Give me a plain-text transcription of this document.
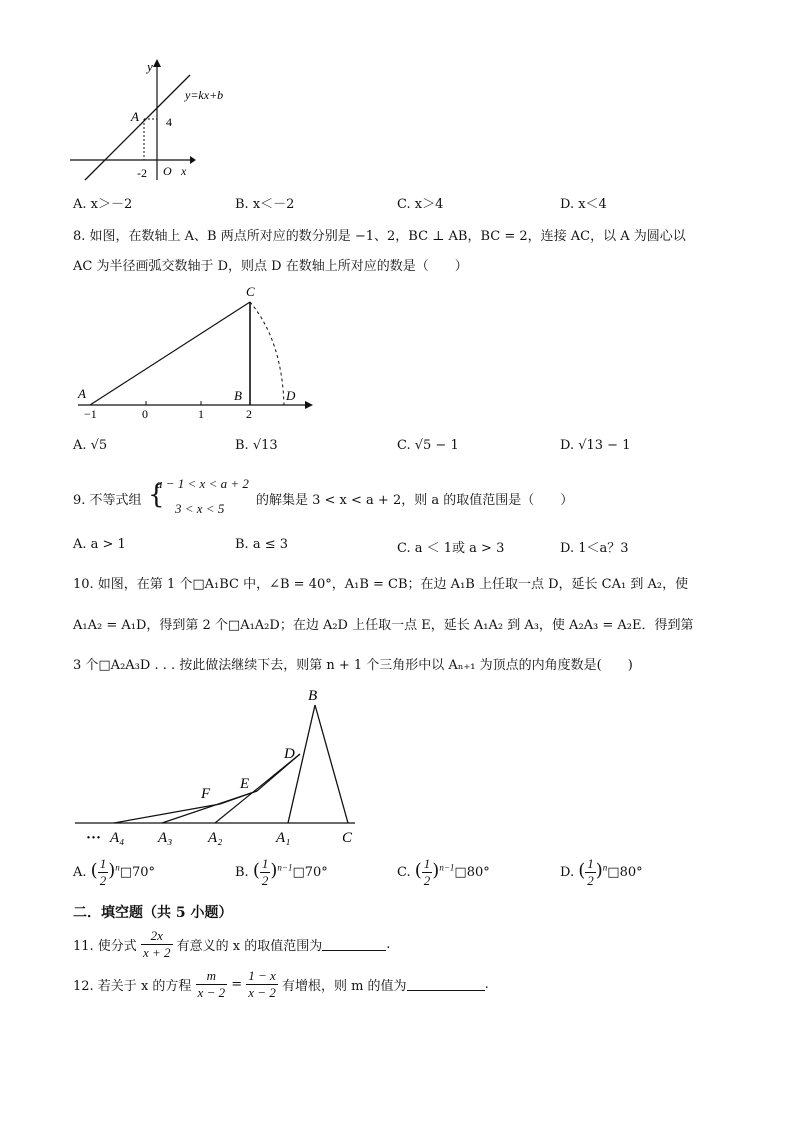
y
y=kx+b
A 4
-2 O x
A. x＞－2	B. x＜－2	C. x＞4	D. x＜4
8. 如图，在数轴上 A、B 两点所对应的数分别是 −1、2，BC ⊥ AB，BC = 2，连接 AC，以 A 为圆心以
AC 为半径画弧交数轴于 D，则点 D 在数轴上所对应的数是（　　）
C
A	B	D
−1	0	1	2
A. √5	B. √13	C. √5 − 1	D. √13 − 1
9. 不等式组 {
a − 1 < x < a + 2
3 < x < 5
的解集是 3 < x < a + 2，则 a 的取值范围是（　　）
A. a > 1	B. a ≤ 3	C. a ＜ 1或 a > 3	D. 1＜a？3
10. 如图，在第 1 个□A₁BC 中，∠B = 40°，A₁B = CB；在边 A₁B 上任取一点 D，延长 CA₁ 到 A₂，使
A₁A₂ = A₁D，得到第 2 个□A₁A₂D；在边 A₂D 上任取一点 E，延长 A₁A₂ 到 A₃，使 A₂A₃ = A₂E．得到第
3 个□A₂A₃D . . . 按此做法继续下去，则第 n + 1 个三角形中以 Aₙ₊₁ 为顶点的内角度数是(　　)
B
D
E
F
··· A₄ A₃ A₂	A₁	C
A. ( $\frac{1}{2}$ )$^n$□70°	B. ( $\frac{1}{2}$ )$^{n-1}$□70°	C. ( $\frac{1}{2}$ )$^{n-1}$□80°	D. ( $\frac{1}{2}$ )$^n$□80°
二．填空题（共 5 小题）
11. 使分式 $\frac{2x}{x + 2}$ 有意义的 x 的取值范围为	.
12. 若关于 x 的方程 $\frac{m}{x - 2} = \frac{1 - x}{x - 2}$ 有增根，则 m 的值为	.
